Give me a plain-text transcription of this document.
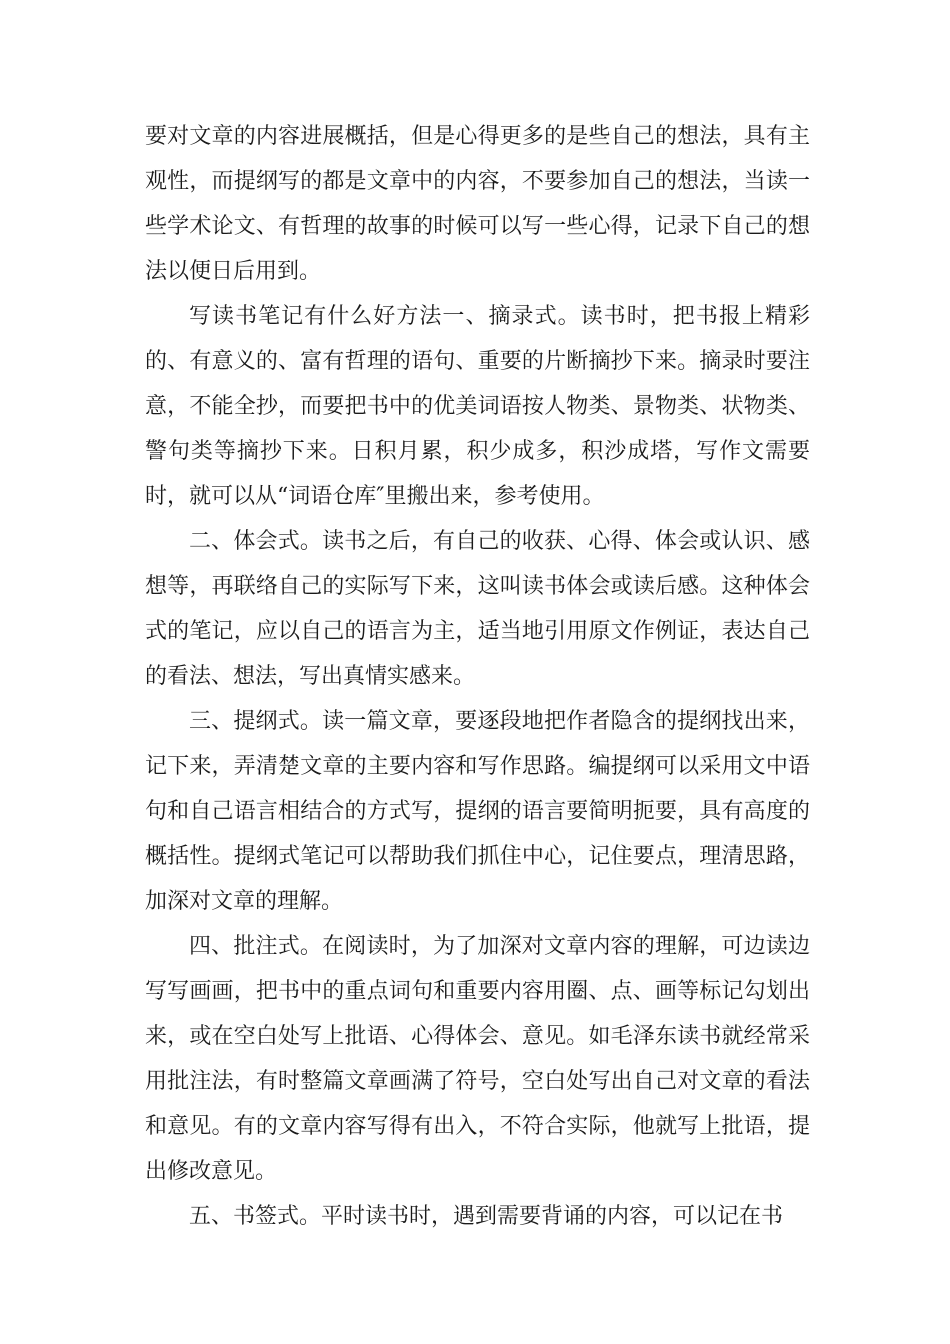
要对文章的内容进展概括，但是心得更多的是些自己的想法，具有主观性，而提纲写的都是文章中的内容，不要参加自己的想法，当读一些学术论文、有哲理的故事的时候可以写一些心得，记录下自己的想法以便日后用到。

写读书笔记有什么好方法一、摘录式。读书时，把书报上精彩的、有意义的、富有哲理的语句、重要的片断摘抄下来。摘录时要注意，不能全抄，而要把书中的优美词语按人物类、景物类、状物类、警句类等摘抄下来。日积月累，积少成多，积沙成塔，写作文需要时，就可以从“词语仓库″里搬出来，参考使用。

二、体会式。读书之后，有自己的收获、心得、体会或认识、感想等，再联络自己的实际写下来，这叫读书体会或读后感。这种体会式的笔记，应以自己的语言为主，适当地引用原文作例证，表达自己的看法、想法，写出真情实感来。

三、提纲式。读一篇文章，要逐段地把作者隐含的提纲找出来，记下来，弄清楚文章的主要内容和写作思路。编提纲可以采用文中语句和自己语言相结合的方式写，提纲的语言要简明扼要，具有高度的概括性。提纲式笔记可以帮助我们抓住中心，记住要点，理清思路，加深对文章的理解。

四、批注式。在阅读时，为了加深对文章内容的理解，可边读边写写画画，把书中的重点词句和重要内容用圈、点、画等标记勾划出来，或在空白处写上批语、心得体会、意见。如毛泽东读书就经常采用批注法，有时整篇文章画满了符号，空白处写出自己对文章的看法和意见。有的文章内容写得有出入，不符合实际，他就写上批语，提出修改意见。

五、书签式。平时读书时，遇到需要背诵的内容，可以记在书
